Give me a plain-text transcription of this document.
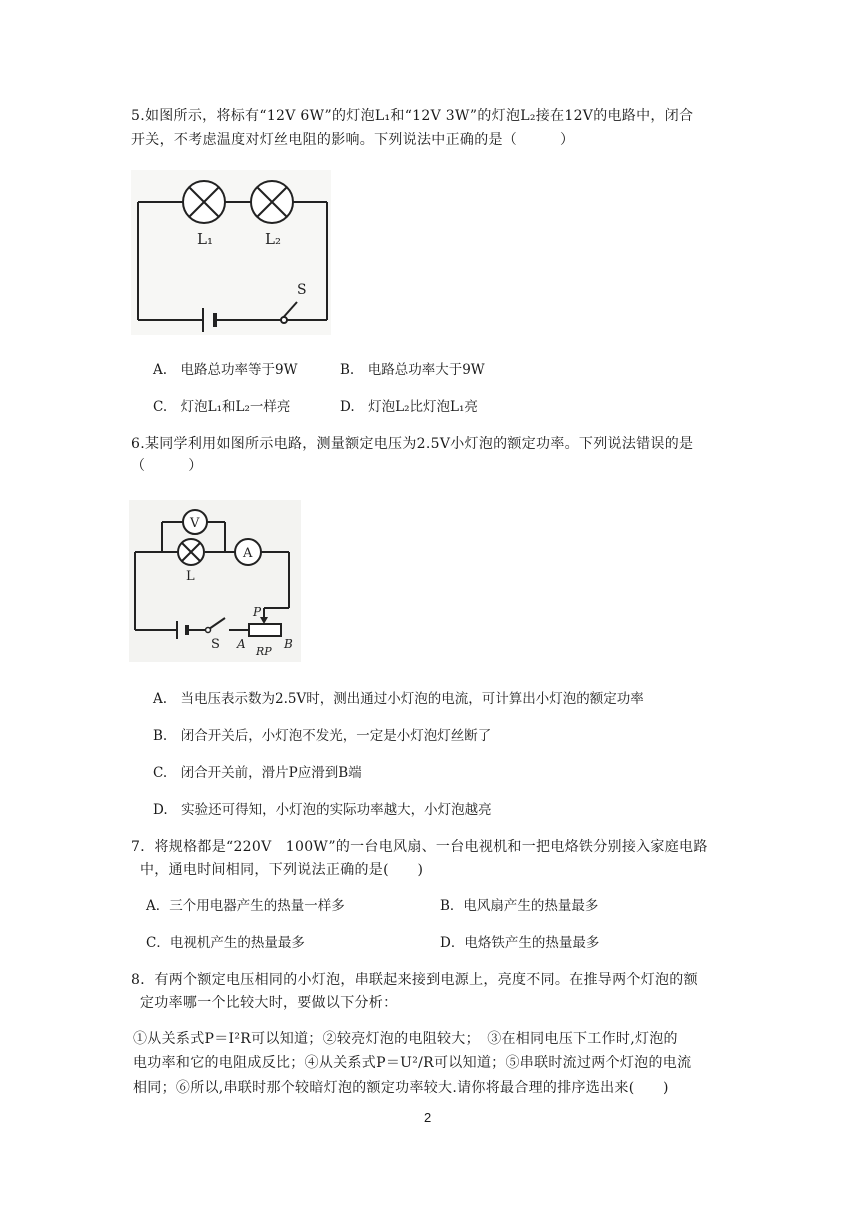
5.如图所示，将标有“12V 6W”的灯泡L₁和“12V 3W”的灯泡L₂接在12V的电路中，闭合
开关，不考虑温度对灯丝电阻的影响。下列说法中正确的是（　　　）
L₁	L₂
S
A.　电路总功率等于9W	B.　电路总功率大于9W
C.　灯泡L₁和L₂一样亮	D.　灯泡L₂比灯泡L₁亮
6.某同学利用如图所示电路，测量额定电压为2.5V小灯泡的额定功率。下列说法错误的是
（　　　）
V
A
L
P
S A	B
RP
A.　当电压表示数为2.5V时，测出通过小灯泡的电流，可计算出小灯泡的额定功率
B.　闭合开关后，小灯泡不发光，一定是小灯泡灯丝断了
C.　闭合开关前，滑片P应滑到B端
D.　实验还可得知，小灯泡的实际功率越大，小灯泡越亮
7．将规格都是“220V　100W”的一台电风扇、一台电视机和一把电烙铁分别接入家庭电路
中，通电时间相同，下列说法正确的是(　　)
A．三个用电器产生的热量一样多	B．电风扇产生的热量最多
C．电视机产生的热量最多	D．电烙铁产生的热量最多
8．有两个额定电压相同的小灯泡，串联起来接到电源上，亮度不同。在推导两个灯泡的额
定功率哪一个比较大时，要做以下分析：
①从关系式P＝I²R可以知道；②较亮灯泡的电阻较大；　③在相同电压下工作时,灯泡的
电功率和它的电阻成反比；④从关系式P＝U²/R可以知道；⑤串联时流过两个灯泡的电流
相同；⑥所以,串联时那个较暗灯泡的额定功率较大.请你将最合理的排序选出来(　　)
2
